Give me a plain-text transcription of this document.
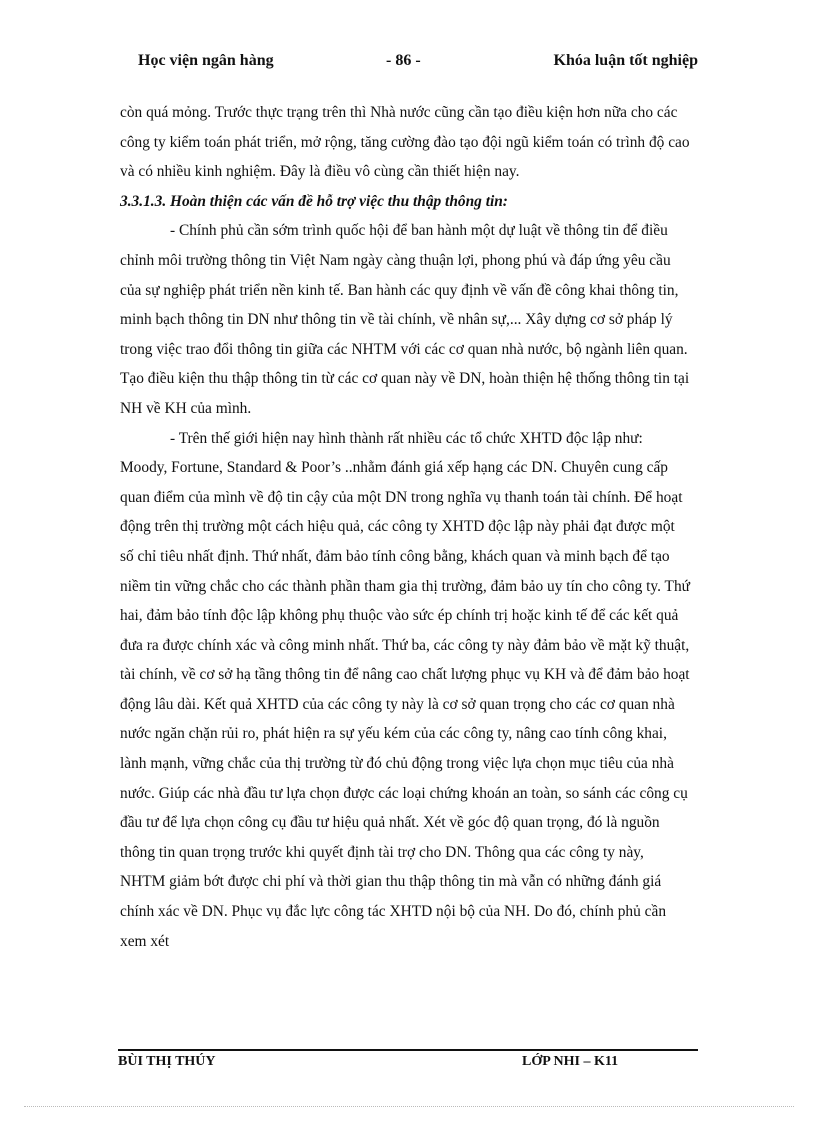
Học viện ngân hàng	- 86 -	Khóa luận tốt nghiệp

còn quá mỏng. Trước thực trạng trên thì Nhà nước cũng cần tạo điều kiện hơn nữa cho các công ty kiểm toán phát triển, mở rộng, tăng cường đào tạo đội ngũ kiểm toán có trình độ cao và có nhiều kinh nghiệm. Đây là điều vô cùng cần thiết hiện nay.

3.3.1.3. Hoàn thiện các vấn đề hỗ trợ việc thu thập thông tin:

- Chính phủ cần sớm trình quốc hội để ban hành một dự luật về thông tin để điều chỉnh môi trường thông tin Việt Nam ngày càng thuận lợi, phong phú và đáp ứng yêu cầu của sự nghiệp phát triển nền kinh tế. Ban hành các quy định về vấn đề công khai thông tin, minh bạch thông tin DN như thông tin về tài chính, về nhân sự,... Xây dựng cơ sở pháp lý trong việc trao đổi thông tin giữa các NHTM với các cơ quan nhà nước, bộ ngành liên quan. Tạo điều kiện thu thập thông tin từ các cơ quan này về DN, hoàn thiện hệ thống thông tin tại NH về KH của mình.

- Trên thế giới hiện nay hình thành rất nhiều các tổ chức XHTD độc lập như: Moody, Fortune, Standard & Poor’s ..nhằm đánh giá xếp hạng các DN. Chuyên cung cấp quan điểm của mình về độ tin cậy của một DN trong nghĩa vụ thanh toán tài chính. Để hoạt động trên thị trường một cách hiệu quả, các công ty XHTD độc lập này phải đạt được một số chỉ tiêu nhất định. Thứ nhất, đảm bảo tính công bằng, khách quan và minh bạch để tạo niềm tin vững chắc cho các thành phần tham gia thị trường, đảm bảo uy tín cho công ty. Thứ hai, đảm bảo tính độc lập không phụ thuộc vào sức ép chính trị hoặc kinh tế để các kết quả đưa ra được chính xác và công minh nhất. Thứ ba, các công ty này đảm bảo về mặt kỹ thuật, tài chính, về cơ sở hạ tầng thông tin để nâng cao chất lượng phục vụ KH và để đảm bảo hoạt động lâu dài. Kết quả XHTD của các công ty này là cơ sở quan trọng cho các cơ quan nhà nước ngăn chặn rủi ro, phát hiện ra sự yếu kém của các công ty, nâng cao tính công khai, lành mạnh, vững chắc của thị trường từ đó chủ động trong việc lựa chọn mục tiêu của nhà nước. Giúp các nhà đầu tư lựa chọn được các loại chứng khoán an toàn, so sánh các công cụ đầu tư để lựa chọn công cụ đầu tư hiệu quả nhất. Xét về góc độ quan trọng, đó là nguồn thông tin quan trọng trước khi quyết định tài trợ cho DN. Thông qua các công ty này, NHTM giảm bớt được chi phí và thời gian thu thập thông tin mà vẫn có những đánh giá chính xác về DN. Phục vụ đắc lực công tác XHTD nội bộ của NH. Do đó, chính phủ cần xem xét

BÙI THỊ THÚY	LỚP NHI – K11
